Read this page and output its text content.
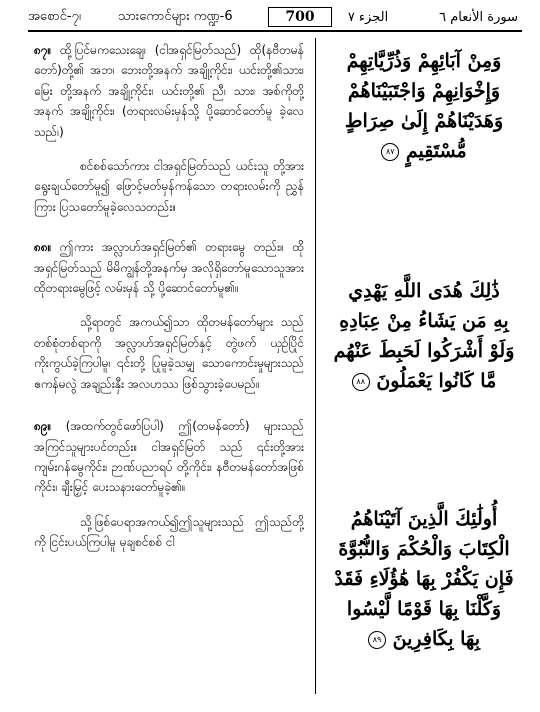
အစောင်-၇၊	သားကောင်များ ကဏ္ဍ-6	700	الجزء ٧	سورة الأنعام ٦

၈၇။ ထို့ပြင်မကသေးချေ၊ (ငါအရှင်မြတ်သည်) ထို(နဗီတမန်တော်)တို့၏ အဘ၊ ဘေးတို့အနက် အချို့ကိုင်း၊ ယင်းတို့၏သား၊ မြေး တို့အနက် အချို့ကိုင်း၊ ယင်းတို့၏ ညီ၊ သား၊ အစ်ကိုတို့အနက် အချို့ကိုင်း၊ (တရားလမ်းမှန်သို့ ပို့ဆောင်တော်မူ ခဲ့လေသည်၊)

စင်စစ်သော်ကား ငါအရှင်မြတ်သည် ယင်းသူ တို့အားရွေးချယ်တော်မူ၍ ဖြောင့်မတ်မှန်ကန်သော တရားလမ်းကို ညွှန်ကြား ပြသတော်မူခဲ့လေသတည်း။

၈၈။ ဤကား အလ္လာဟ်အရှင်မြတ်၏ တရားမွေ တည်း။ ထိုအရှင်မြတ်သည် မိမိကျွန်တို့အနက်မှ အလိုရှိတော်မူသောသူအား ထိုတရားမွေဖြင့် လမ်းမှန် သို့ ပို့ဆောင်တော်မူ၏။

သို့ရာတွင် အကယ်၍သာ ထိုတမန်တော်များ သည် တစ်စုံတစ်ရာကို အလ္လာဟ်အရှင်မြတ်နှင့် တွဲဖက် ယှဉ်ပြိုင် ကိုးကွယ်ခဲ့ကြပါမူ၊ ၎င်းတို့ ပြုမူခဲ့သမျှ သောကောင်းမှုများသည် ဧကန်မလွဲ အချည်းနှီး အလဟဿ ဖြစ်သွားခဲ့ပေမည်။

၈၉။ (အထက်တွင်ဖော်ပြပါ) ဤ(တမန်တော်) များသည် အကြင်သူများပင်တည်း။ ငါအရှင်မြတ် သည် ၎င်းတို့အား ကျမ်းဂန်မွေကိုင်း၊ ဉာဏ်ပညာရပ် တို့ကိုင်း၊ နဗီတမန်တော်အဖြစ်ကိုင်း၊ ချီးမြှင့် ပေးသနားတော်မူခဲ့၏။

သို့ဖြစ်ပေရာအကယ်၍ဤသူများသည် ဤသည်တို့ကို ငြင်းပယ်ကြပါမူ မုချစင်စစ် ငါ

وَمِنْ آبَائِهِمْ وَذُرِّيَّاتِهِمْ

وَإِخْوَانِهِمْ وَاجْتَبَيْنَاهُمْ

وَهَدَيْنَاهُمْ إِلَىٰ صِرَاطٍ

مُّسْتَقِيمٍ ٨٧

ذَٰلِكَ هُدَى اللَّهِ يَهْدِي

بِهِ مَن يَشَاءُ مِنْ عِبَادِهِ

وَلَوْ أَشْرَكُوا لَحَبِطَ عَنْهُم

مَّا كَانُوا يَعْمَلُونَ ٨٨

أُولَٰئِكَ الَّذِينَ آتَيْنَاهُمُ

الْكِتَابَ وَالْحُكْمَ وَالنُّبُوَّةَ

فَإِن يَكْفُرْ بِهَا هَٰؤُلَاءِ فَقَدْ

وَكَّلْنَا بِهَا قَوْمًا لَّيْسُوا

بِهَا بِكَافِرِينَ ٨٩
